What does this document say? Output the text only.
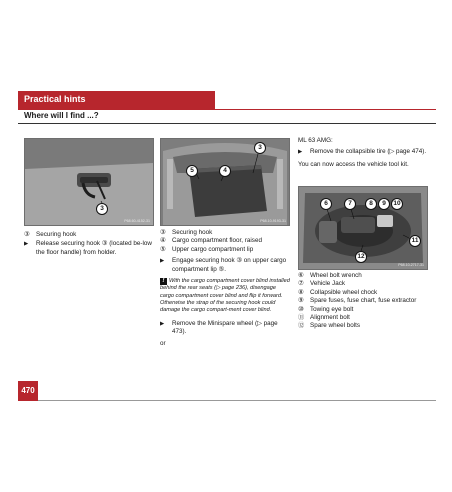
Practical hints
Where will I find ...?
3
P68.60-4152-31
③	Securing hook
▶	Release securing hook ③ (located be-low the floor handle) from holder.
3
5	4
P68.10-9193-31
③	Securing hook
④	Cargo compartment floor, raised
⑤	Upper cargo compartment lip
▶	Engage securing hook ③ on upper cargo compartment lip ⑤.
! With the cargo compartment cover blind installed behind the rear seats (▷ page 236), disengage cargo compartment cover blind and flip it forward. Otherwise the strap of the securing hook could damage the cargo compart-ment cover blind.
▶	Remove the Minispare wheel (▷ page 473).
or
ML 63 AMG:
▶	Remove the collapsible tire (▷ page 474).
You can now access the vehicle tool kit.
6	7	8	9	10
11
12
P68.10-2717-31
⑥	Wheel bolt wrench
⑦	Vehicle Jack
⑧	Collapsible wheel chock
⑨	Spare fuses, fuse chart, fuse extractor
⑩	Towing eye bolt
⑪ Alignment bolt
⑫ Spare wheel bolts
470
